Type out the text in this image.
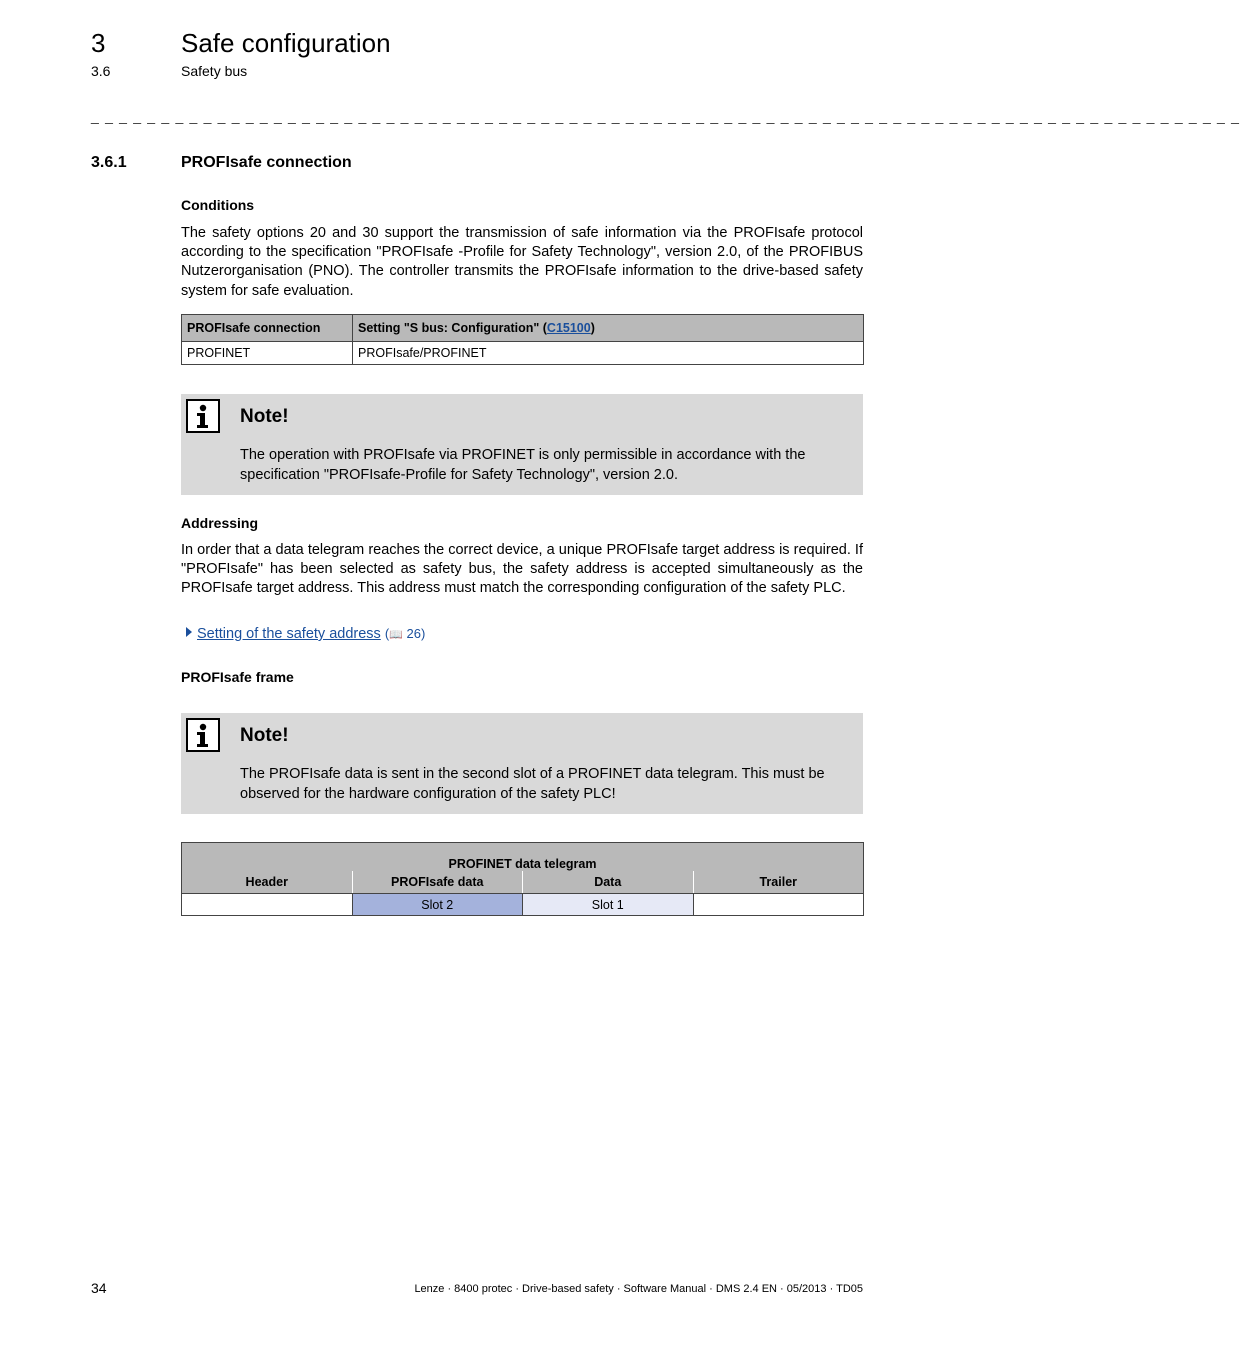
3	Safe configuration
3.6	Safety bus
_ _ _ _ _ _ _ _ _ _ _ _ _ _ _ _ _ _ _ _ _ _ _ _ _ _ _ _ _ _ _ _ _ _ _ _ _ _ _ _ _ _ _ _ _ _ _ _ _ _ _ _ _ _ _ _ _ _ _ _ _ _ _ _ _ _ _ _ _ _ _ _ _ _ _ _ _ _ _ _ _ _
3.6.1	PROFIsafe connection
Conditions
The safety options 20 and 30 support the transmission of safe information via the PROFIsafe protocol according to the specification "PROFIsafe -Profile for Safety Technology", version 2.0, of the PROFIBUS Nutzerorganisation (PNO). The controller transmits the PROFIsafe information to the drive-based safety system for safe evaluation.
PROFIsafe connection	Setting "S bus: Configuration" (C15100)
PROFINET	PROFIsafe/PROFINET
Note!
The operation with PROFIsafe via PROFINET is only permissible in accordance with the specification "PROFIsafe-Profile for Safety Technology", version 2.0.
Addressing
In order that a data telegram reaches the correct device, a unique PROFIsafe target address is required. If "PROFIsafe" has been selected as safety bus, the safety address is accepted simultaneously as the PROFIsafe target address. This address must match the corresponding configuration of the safety PLC.
Setting of the safety address (📖 26)
PROFIsafe frame
Note!
The PROFIsafe data is sent in the second slot of a PROFINET data telegram. This must be observed for the hardware configuration of the safety PLC!
PROFINET data telegram			
Header	PROFIsafe data	Data	Trailer
	Slot 2	Slot 1	
34	Lenze · 8400 protec · Drive-based safety · Software Manual · DMS 2.4 EN · 05/2013 · TD05
